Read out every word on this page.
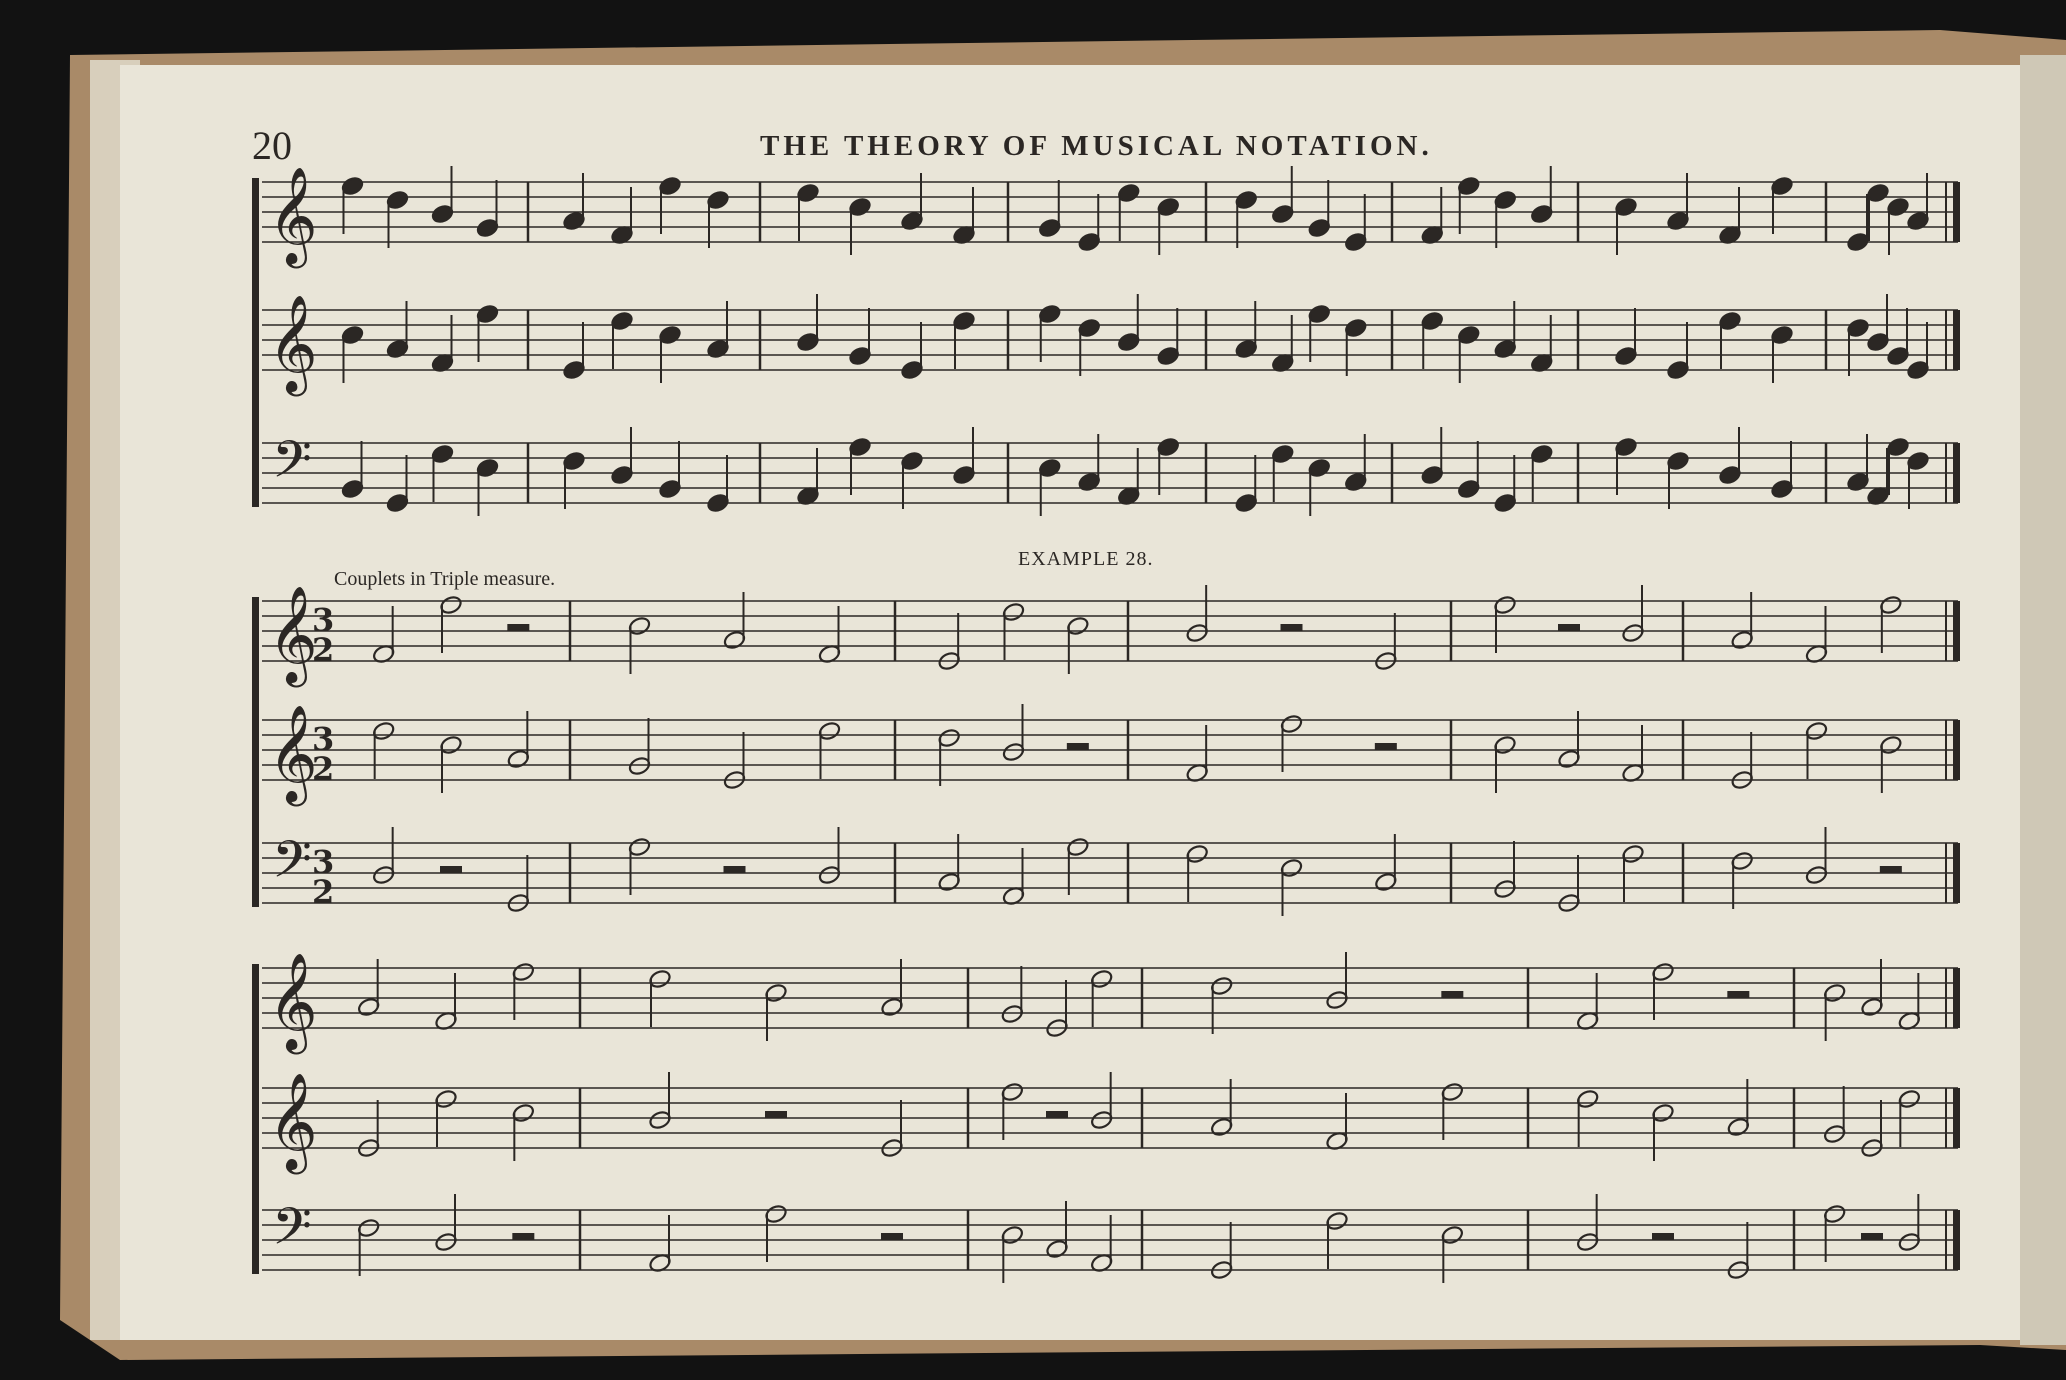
𝄞
𝄞
𝄢
𝄞
3
2
𝄞
3
2
𝄢 3
2
𝄞
𝄞
𝄢
20	THE THEORY OF MUSICAL NOTATION.
EXAMPLE 28.
Couplets in Triple measure.
